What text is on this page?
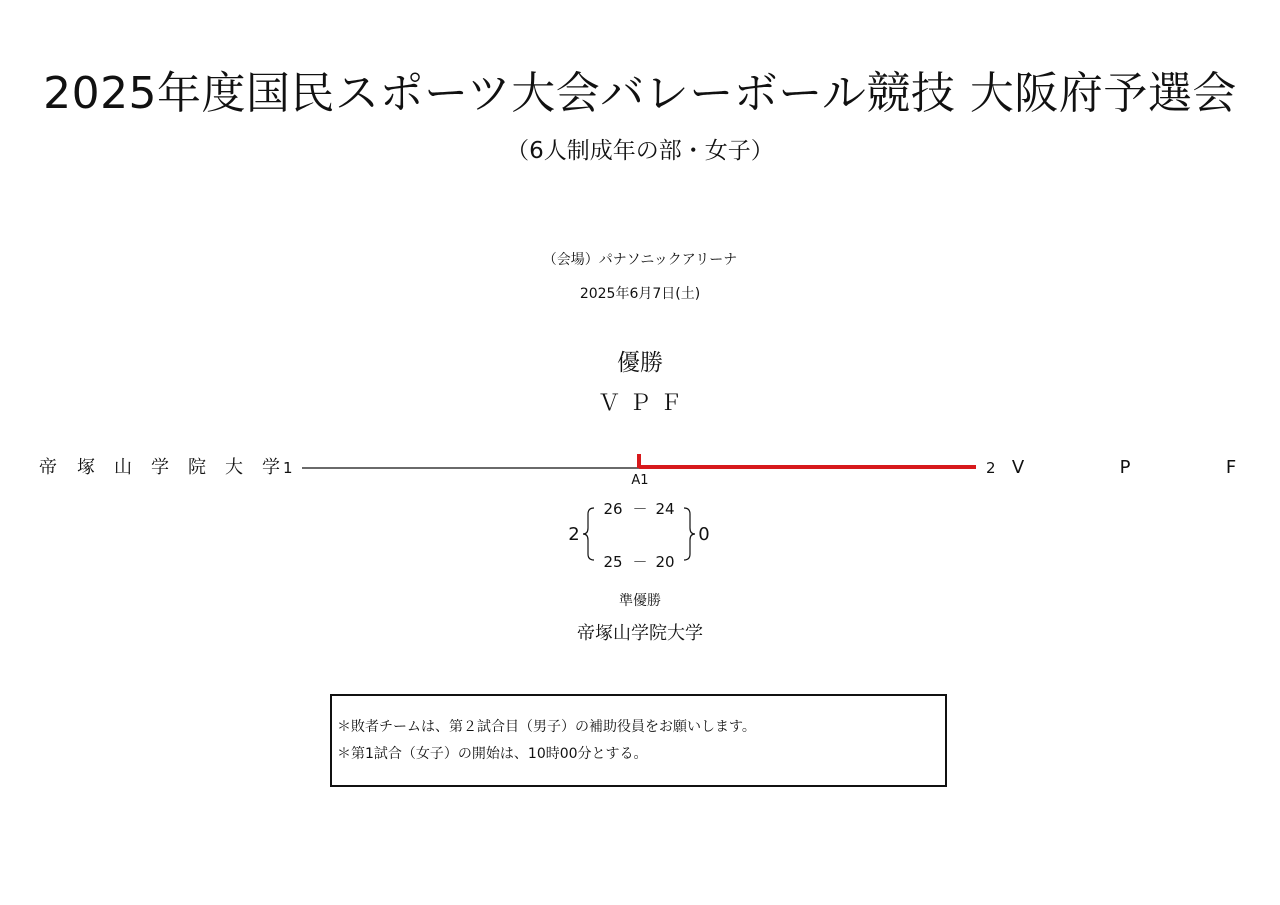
2025年度国民スポーツ大会バレーボール競技 大阪府予選会
（6人制成年の部・女子）
（会場）パナソニックアリーナ
2025年6月7日(土)
優勝
ＶＰＦ
帝 塚 山 学 院 大 学 1	2 V	P	F
A1
2	0
26 － 24
25 － 20
準優勝
帝塚山学院大学
＊敗者チームは、第２試合目（男子）の補助役員をお願いします。
＊第1試合（女子）の開始は、10時00分とする。
